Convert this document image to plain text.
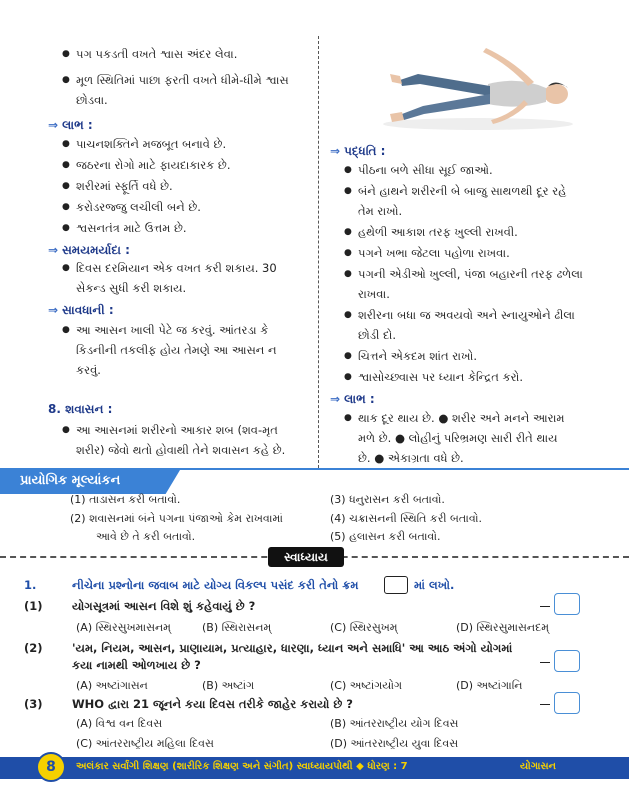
● પગ પકડતી વખતે શ્વાસ અંદર લેવા.
● મૂળ સ્થિતિમાં પાછા ફરતી વખતે ધીમે-ધીમે શ્વાસ
છોડવા.
⇒ લાભ :
● પાચનશક્તિને મજબૂત બનાવે છે.
● જઠરના રોગો માટે ફાયદાકારક છે.
● શરીરમાં સ્ફૂર્તિ વધે છે.
● કરોડરજ્જુ લચીલી બને છે.
● શ્વસનતંત્ર માટે ઉત્તમ છે.
⇒ સમયમર્યાદા :
● દિવસ દરમિયાન એક વખત કરી શકાય. 30
સેકન્ડ સુધી કરી શકાય.
⇒ સાવધાની :
● આ આસન ખાલી પેટે જ કરવું. આંતરડા કે
કિડનીની તકલીફ હોય તેમણે આ આસન ન
કરવું.
8. શવાસન :
● આ આસનમાં શરીરનો આકાર શબ (શવ-મૃત
શરીર) જેવો થતો હોવાથી તેને શવાસન કહે છે.
⇒ પદ્ધતિ :
● પીઠના બળે સીધા સૂઈ જાઓ.
● બંને હાથને શરીરની બે બાજુ સાથળથી દૂર રહે
તેમ રાખો.
● હથેળી આકાશ તરફ ખુલ્લી રાખવી.
● પગને ખભા જેટલા પહોળા રાખવા.
● પગની એડીઓ ખુલ્લી, પંજા બહારની તરફ ઢળેલા
રાખવા.
● શરીરના બધા જ અવયવો અને સ્નાયુઓને ઢીલા
છોડી દો.
● ચિત્તને એકદમ શાંત રાખો.
● શ્વાસોચ્છ્વાસ પર ધ્યાન કેન્દ્રિત કરો.
⇒ લાભ :
● થાક દૂર થાય છે. ● શરીર અને મનને આરામ
મળે છે. ● લોહીનું પરિભ્રમણ સારી રીતે થાય
છે. ● એકાગ્રતા વધે છે.
પ્રાયોગિક મૂલ્યાંકન
(1) તાડાસન કરી બતાવો.
(2) શવાસનમાં બંને પગના પંજાઓ કેમ રાખવામાં
આવે છે તે કરી બતાવો.
(3) ધનુરાસન કરી બતાવો.
(4) ચક્રાસનની સ્થિતિ કરી બતાવો.
(5) હલાસન કરી બતાવો.
સ્વાધ્યાય
1.	નીચેના પ્રશ્નોના જવાબ માટે યોગ્ય વિકલ્પ પસંદ કરી તેનો ક્રમ	માં લખો.
(1)	યોગસૂત્રમાં આસન વિશે શું કહેવાયું છે ?
(A) સ્થિરસુખમાસનમ્	(B) સ્થિરાસનમ્	(C) સ્થિરસુખમ્	(D) સ્થિરસુમાસનદમ્
(2)	'યમ, નિયમ, આસન, પ્રાણાયામ, પ્રત્યાહાર, ધારણા, ધ્યાન અને સમાધિ' આ આઠ અંગો યોગમાં
કયા નામથી ઓળખાય છે ?
(A) અષ્ટાંગાસન	(B) અષ્ટાંગ	(C) અષ્ટાંગયોગ	(D) અષ્ટાંગાનિ
(3)	WHO દ્વારા 21 જૂનને કયા દિવસ તરીકે જાહેર કરાયો છે ?
(A) વિશ્વ વન દિવસ	(B) આંતરરાષ્ટ્રીય યોગ દિવસ
(C) આંતરરાષ્ટ્રીય મહિલા દિવસ	(D) આંતરરાષ્ટ્રીય યુવા દિવસ
8	અલંકાર સર્વાંગી શિક્ષણ (શારીરિક શિક્ષણ અને સંગીત) સ્વાધ્યાયપોથી ◆ ધોરણ : 7	યોગાસન
